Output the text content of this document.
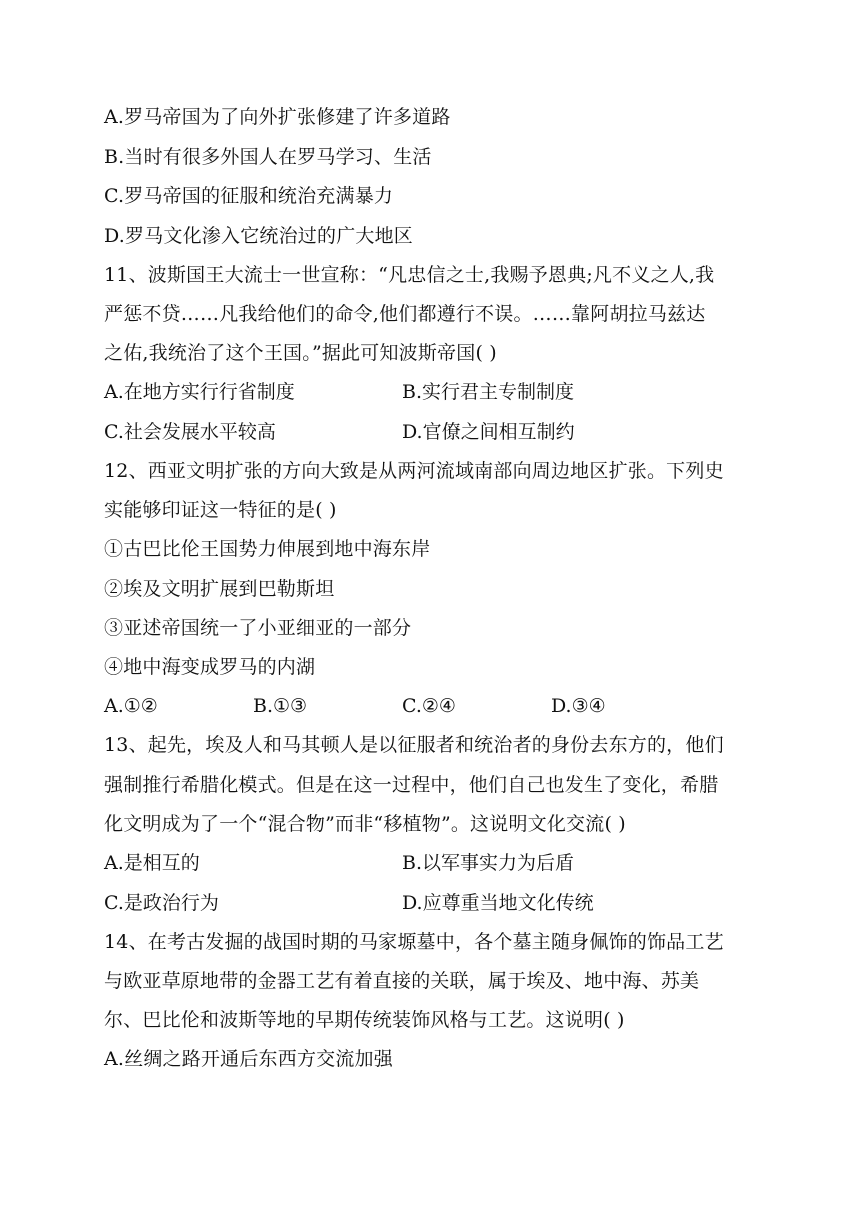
A.罗马帝国为了向外扩张修建了许多道路
B.当时有很多外国人在罗马学习、生活
C.罗马帝国的征服和统治充满暴力
D.罗马文化渗入它统治过的广大地区
11、波斯国王大流士一世宣称：“凡忠信之士,我赐予恩典;凡不义之人,我
严惩不贷……凡我给他们的命令,他们都遵行不误。……靠阿胡拉马兹达
之佑,我统治了这个王国。”据此可知波斯帝国( )
A.在地方实行行省制度	B.实行君主专制制度
C.社会发展水平较高	D.官僚之间相互制约
12、西亚文明扩张的方向大致是从两河流域南部向周边地区扩张。下列史
实能够印证这一特征的是( )
①古巴比伦王国势力伸展到地中海东岸
②埃及文明扩展到巴勒斯坦
③亚述帝国统一了小亚细亚的一部分
④地中海变成罗马的内湖
A.①②	B.①③	C.②④	D.③④
13、起先，埃及人和马其顿人是以征服者和统治者的身份去东方的，他们
强制推行希腊化模式。但是在这一过程中，他们自己也发生了变化，希腊
化文明成为了一个“混合物”而非“移植物”。这说明文化交流( )
A.是相互的	B.以军事实力为后盾
C.是政治行为	D.应尊重当地文化传统
14、在考古发掘的战国时期的马家塬墓中，各个墓主随身佩饰的饰品工艺
与欧亚草原地带的金器工艺有着直接的关联，属于埃及、地中海、苏美
尔、巴比伦和波斯等地的早期传统装饰风格与工艺。这说明( )
A.丝绸之路开通后东西方交流加强
